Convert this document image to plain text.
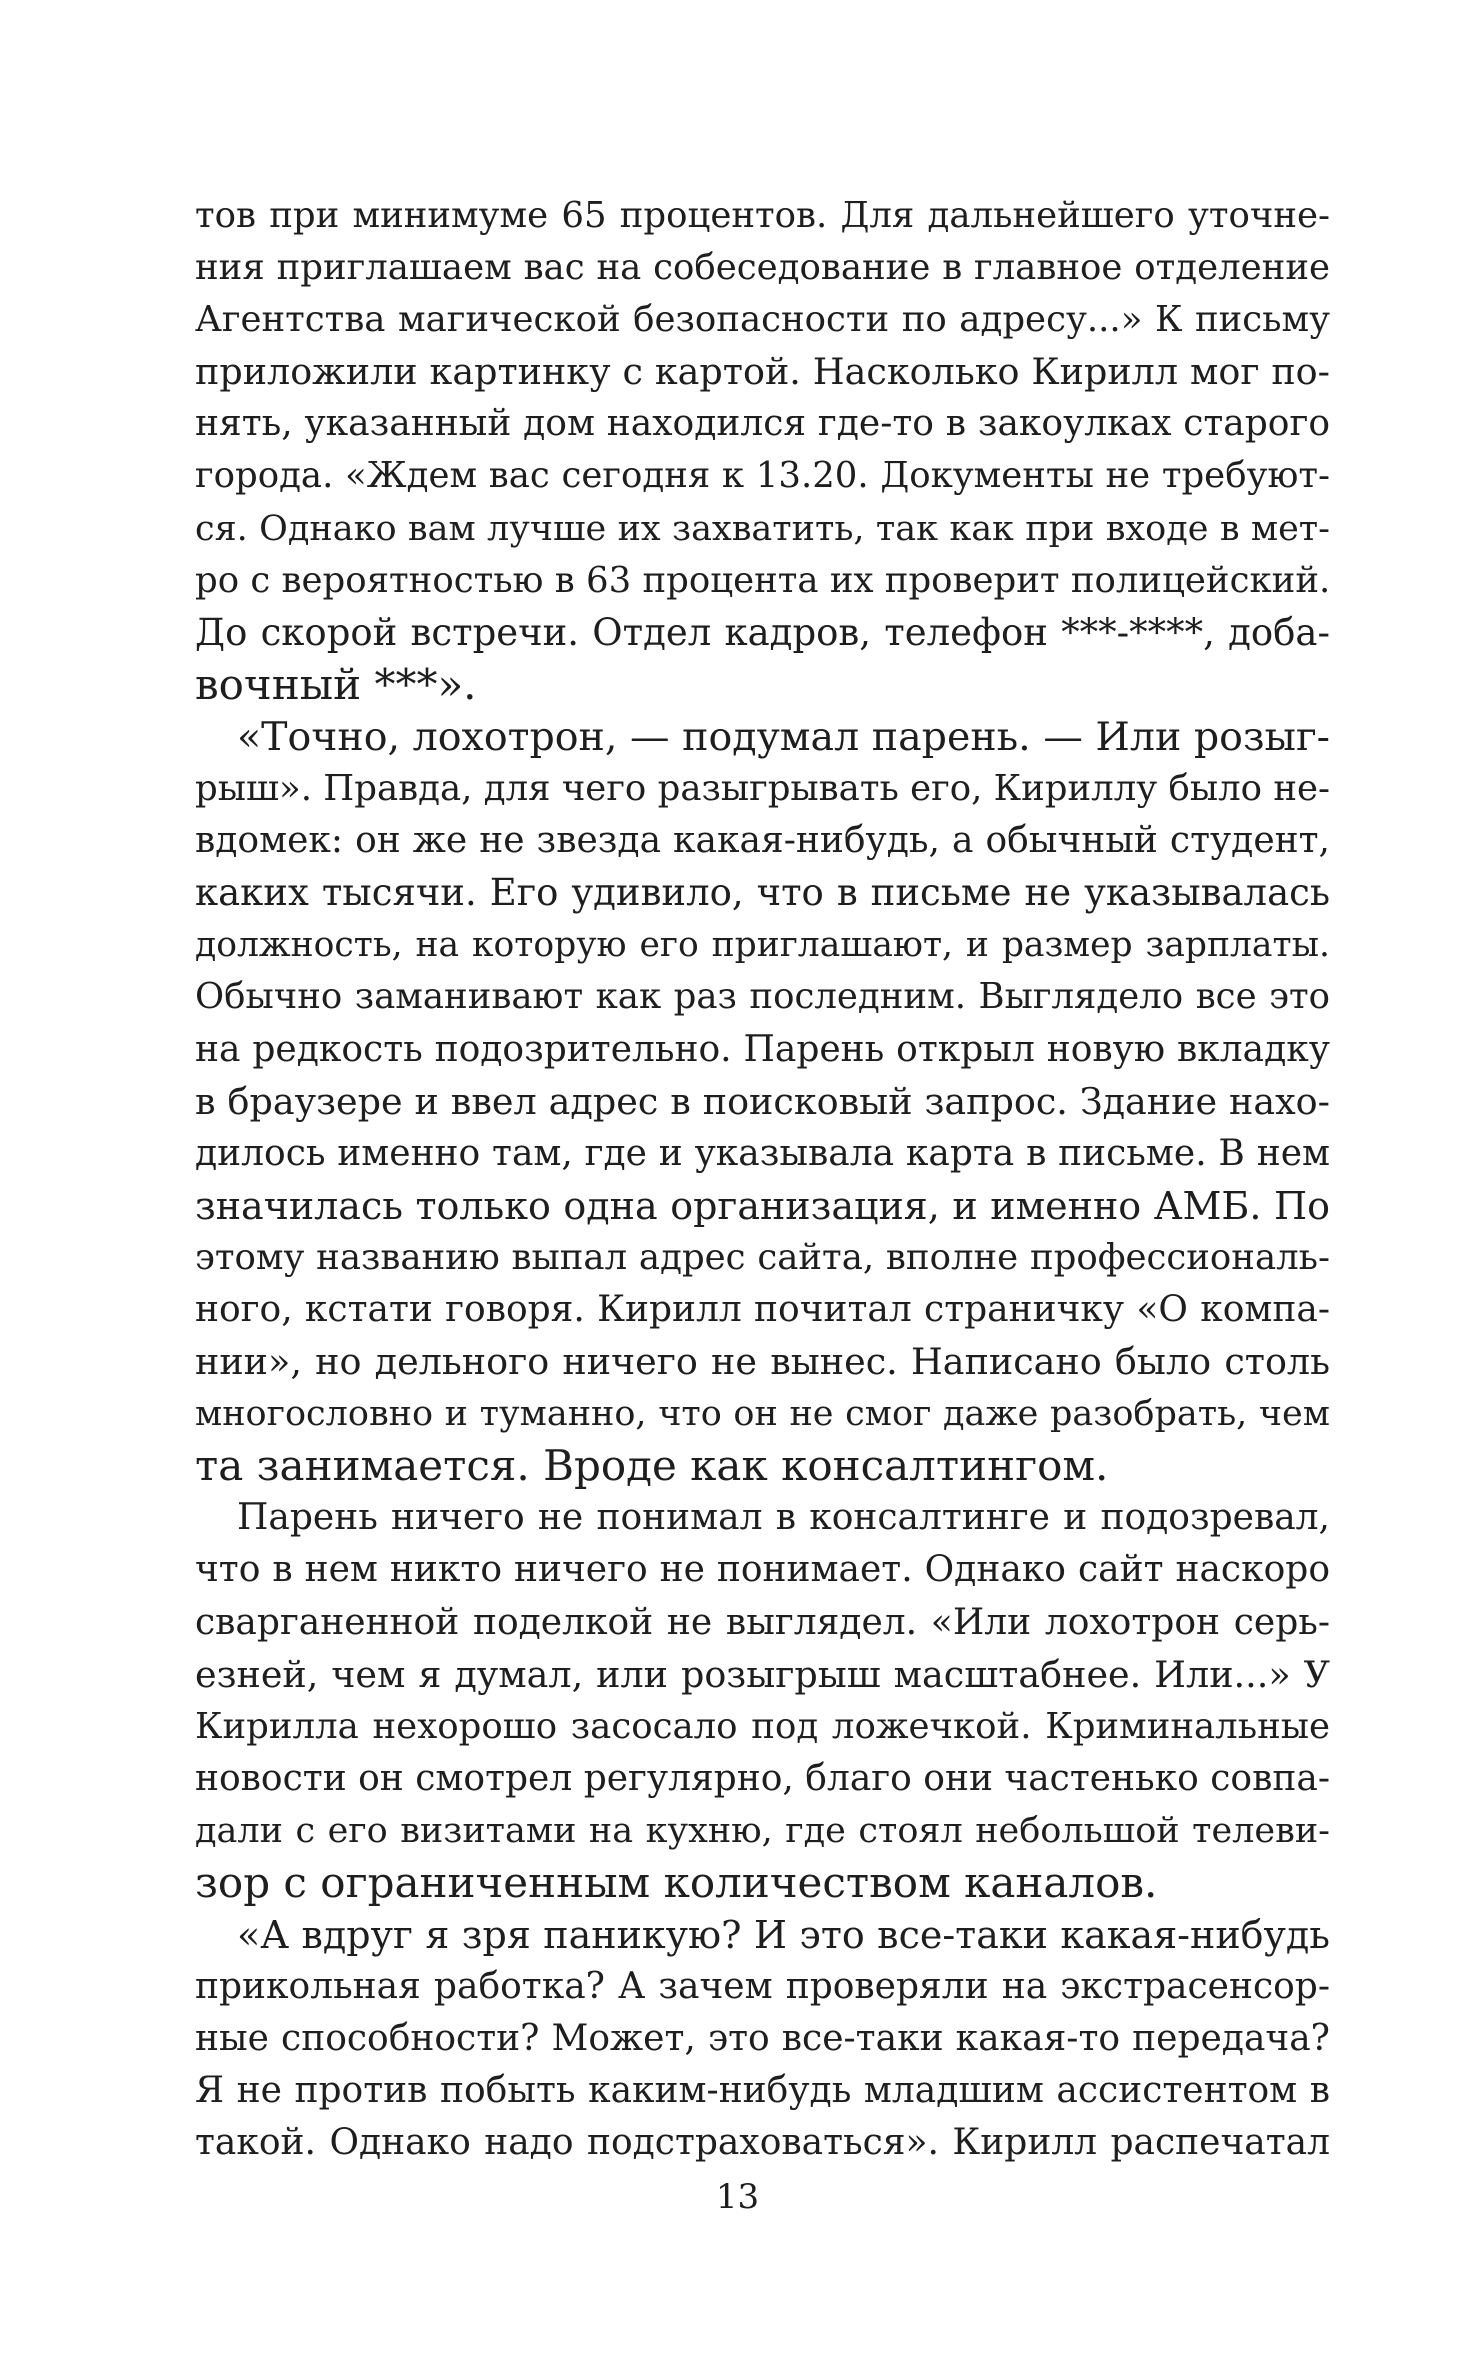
тов при минимуме 65 процентов. Для дальнейшего уточне-
ния приглашаем вас на собеседование в главное отделение
Агентства магической безопасности по адресу...» К письму
приложили картинку с картой. Насколько Кирилл мог по-
нять, указанный дом находился где-то в закоулках старого
города. «Ждем вас сегодня к 13.20. Документы не требуют-
ся. Однако вам лучше их захватить, так как при входе в мет-
ро с вероятностью в 63 процента их проверит полицейский.
До скорой встречи. Отдел кадров, телефон ***-****, доба-
вочный ***».
«Точно, лохотрон, — подумал парень. — Или розыг-
рыш». Правда, для чего разыгрывать его, Кириллу было не-
вдомек: он же не звезда какая-нибудь, а обычный студент,
каких тысячи. Его удивило, что в письме не указывалась
должность, на которую его приглашают, и размер зарплаты.
Обычно заманивают как раз последним. Выглядело все это
на редкость подозрительно. Парень открыл новую вкладку
в браузере и ввел адрес в поисковый запрос. Здание нахо-
дилось именно там, где и указывала карта в письме. В нем
значилась только одна организация, и именно АМБ. По
этому названию выпал адрес сайта, вполне профессиональ-
ного, кстати говоря. Кирилл почитал страничку «О компа-
нии», но дельного ничего не вынес. Написано было столь
многословно и туманно, что он не смог даже разобрать, чем
та занимается. Вроде как консалтингом.
Парень ничего не понимал в консалтинге и подозревал,
что в нем никто ничего не понимает. Однако сайт наскоро
сварганенной поделкой не выглядел. «Или лохотрон серь-
езней, чем я думал, или розыгрыш масштабнее. Или...» У
Кирилла нехорошо засосало под ложечкой. Криминальные
новости он смотрел регулярно, благо они частенько совпа-
дали с его визитами на кухню, где стоял небольшой телеви-
зор с ограниченным количеством каналов.
«А вдруг я зря паникую? И это все-таки какая-нибудь
прикольная работка? А зачем проверяли на экстрасенсор-
ные способности? Может, это все-таки какая-то передача?
Я не против побыть каким-нибудь младшим ассистентом в
такой. Однако надо подстраховаться». Кирилл распечатал
13
